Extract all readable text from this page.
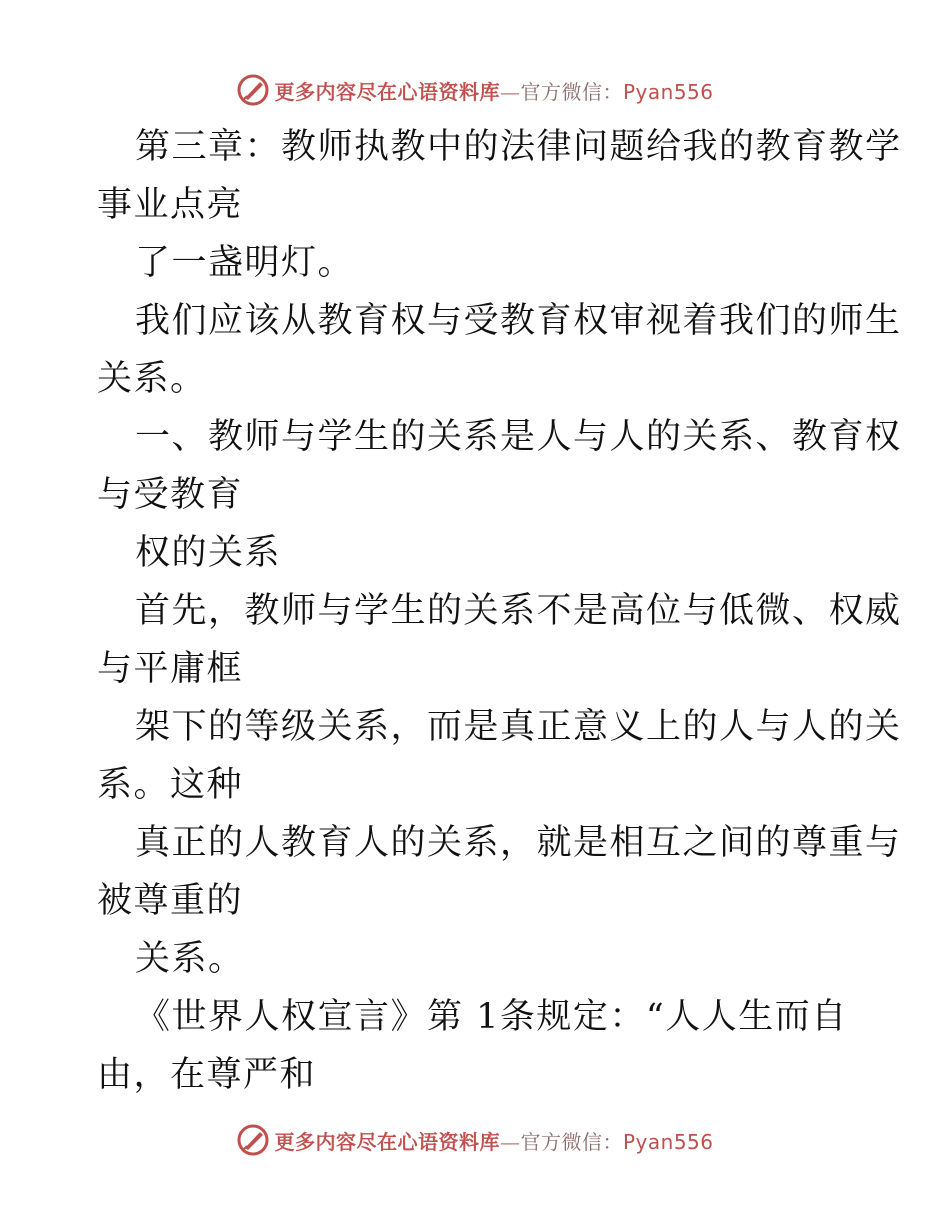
更多内容尽在心语资料库 — 官方微信： Pyan556
第三章：教师执教中的法律问题给我的教育教学
事业点亮
了一盏明灯。
我们应该从教育权与受教育权审视着我们的师生
关系。
一、教师与学生的关系是人与人的关系、教育权
与受教育
权的关系
首先，教师与学生的关系不是高位与低微、权威
与平庸框
架下的等级关系，而是真正意义上的人与人的关
系。这种
真正的人教育人的关系，就是相互之间的尊重与
被尊重的
关系。
《世界人权宣言》第 1条规定：“人人生而自
由，在尊严和
更多内容尽在心语资料库 — 官方微信： Pyan556
